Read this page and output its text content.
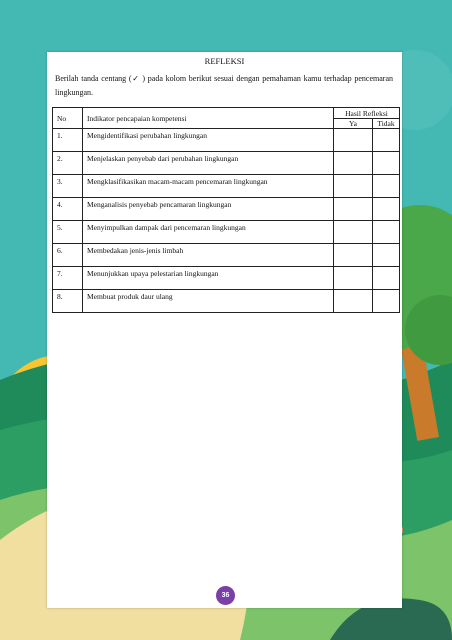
REFLEKSI
Berilah tanda centang (✓ ) pada kolom berikut sesuai dengan pemahaman kamu terhadap pencemaran lingkungan.
No	Indikator pencapaian kompetensi	Hasil Refleksi	
		Ya	Tidak
1.	Mengidentifikasi perubahan lingkungan		
2.	Menjelaskan penyebab dari perubahan lingkungan		
3.	Mengklasifikasikan macam-macam pencemaran lingkungan		
4.	Menganalisis penyebab pencamaran lingkungan		
5.	Menyimpulkan dampak dari pencemaran lingkungan		
6.	Membedakan jenis-jenis limbah		
7.	Menunjukkan upaya pelestarian lingkungan		
8.	Membuat produk daur ulang		
36
